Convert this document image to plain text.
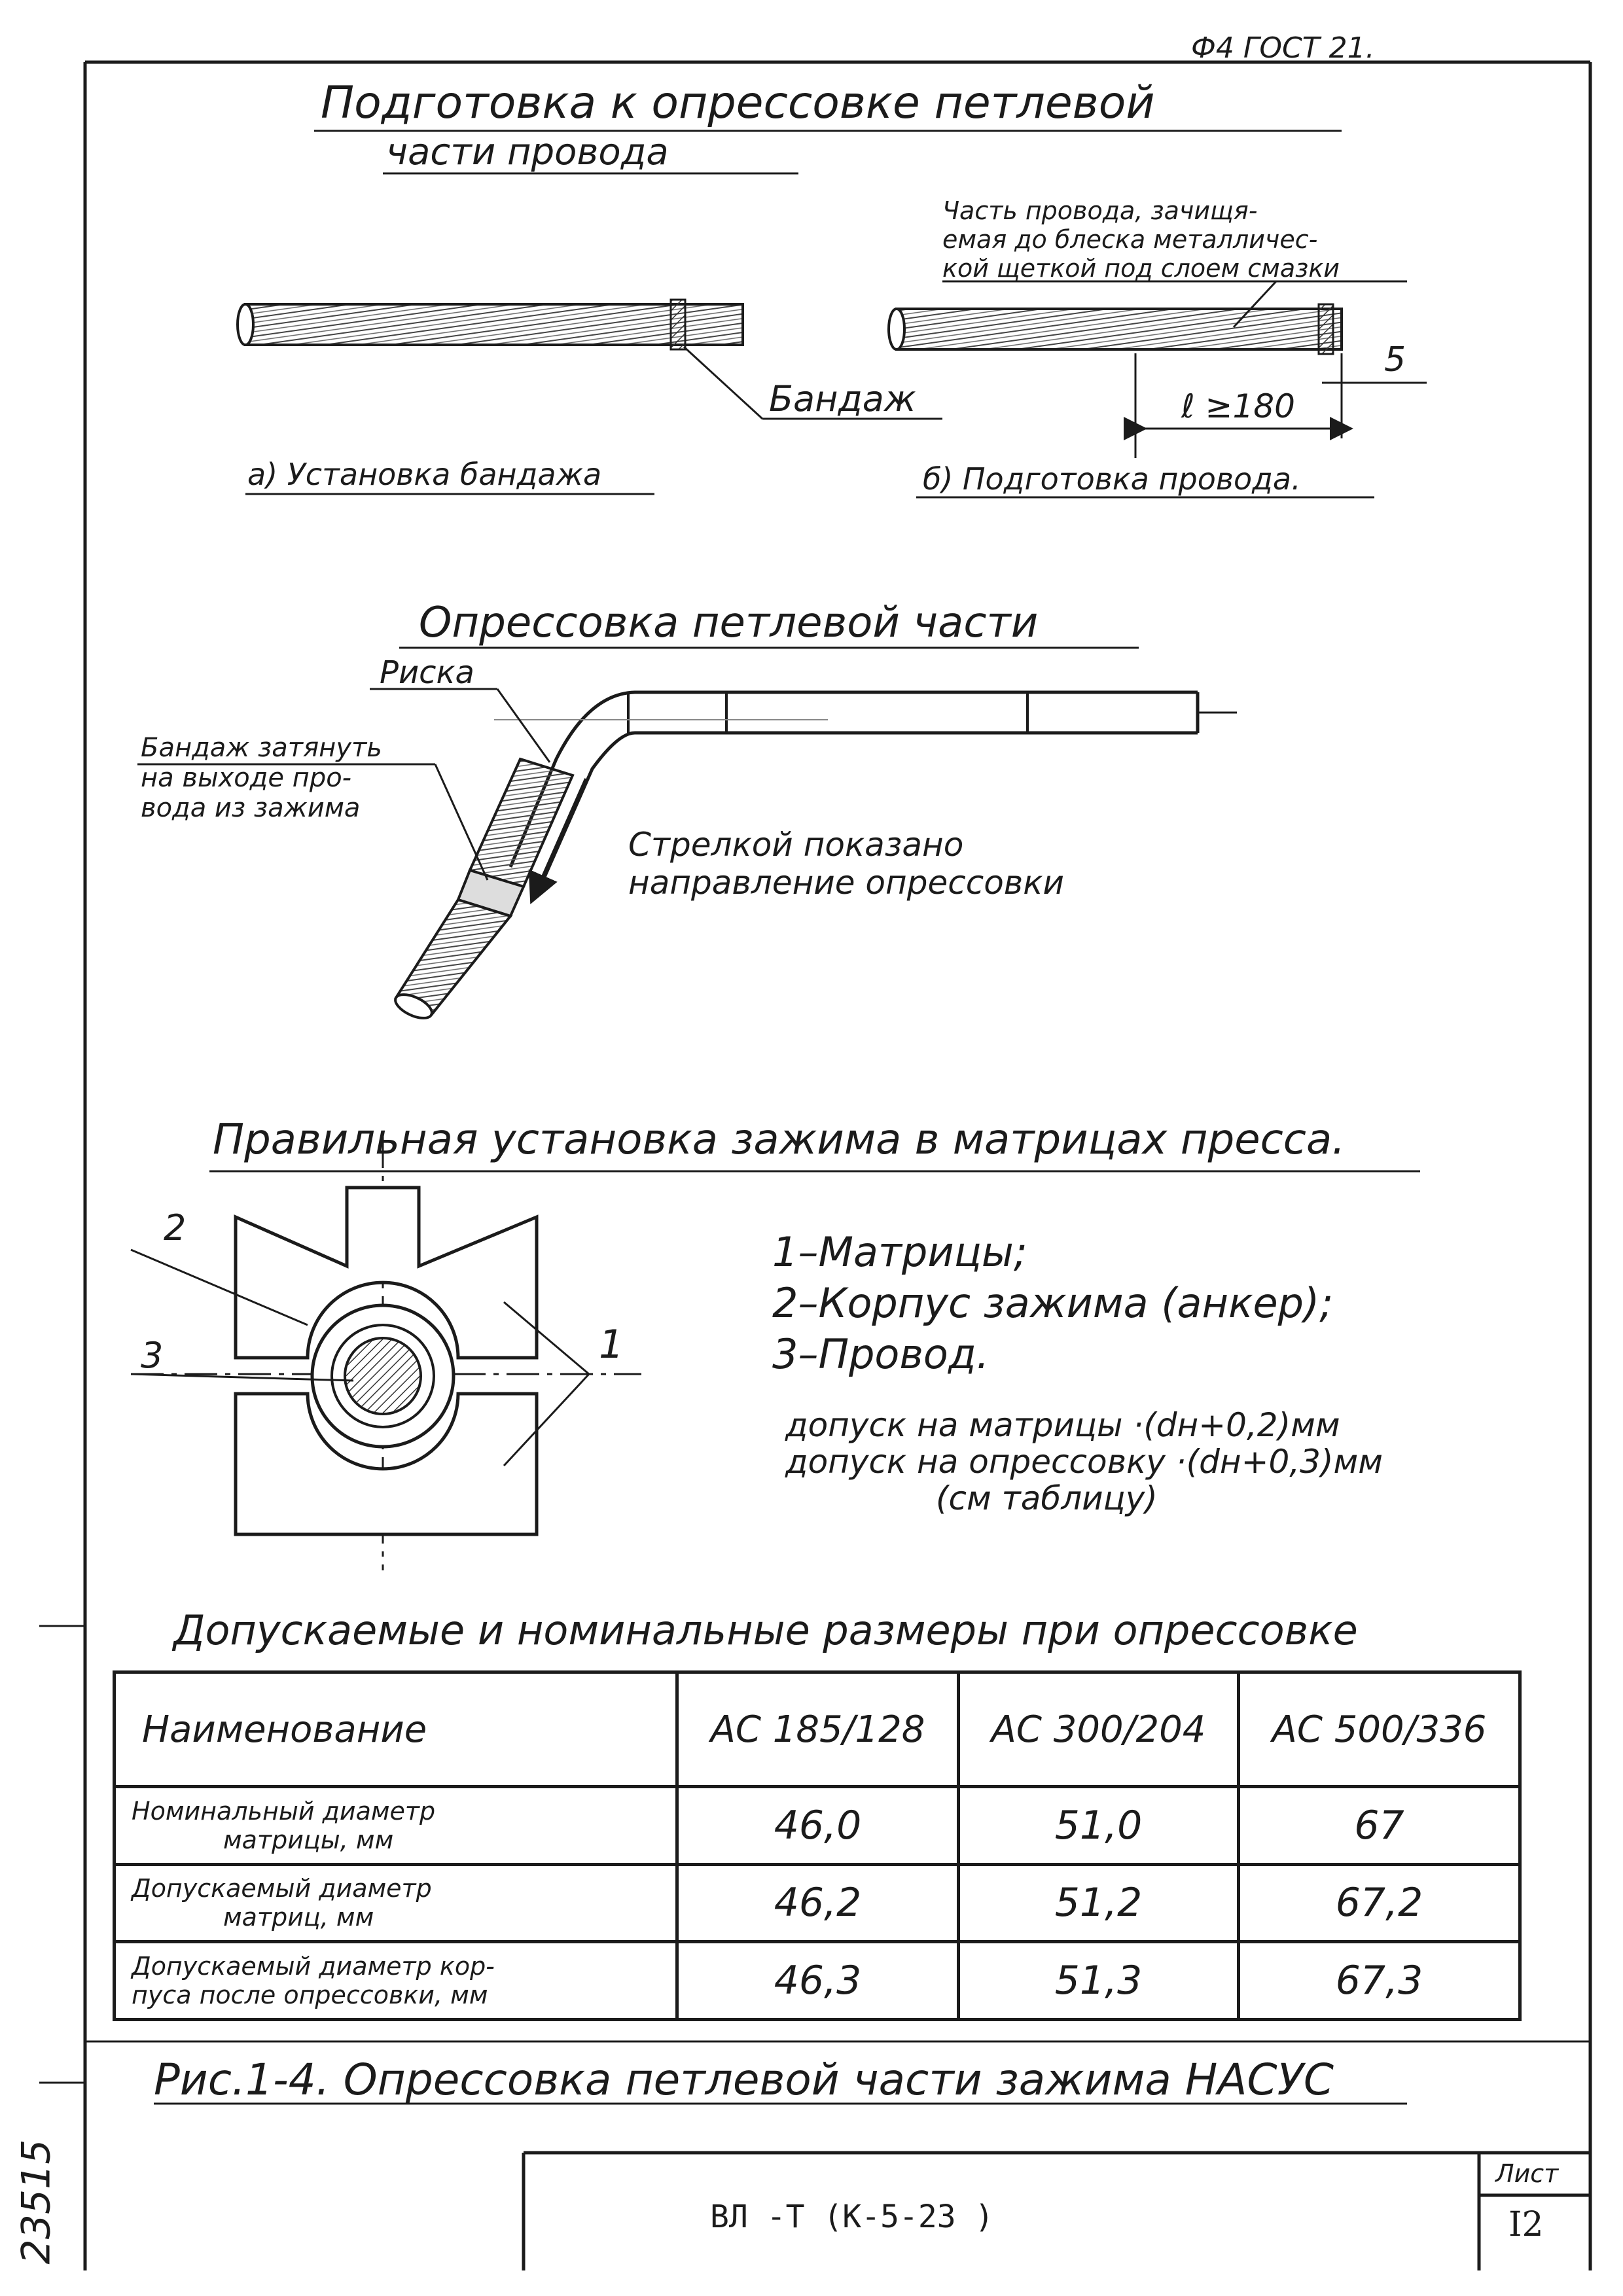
Ф4 ГОСТ 21.
Подготовка к опрессовке петлевой
части провода
Часть провода, зачищя-
емая до блеска металличес-
кой щеткой под слоем смазки
Бандаж	ℓ ≥180
5
а) Установка бандажа	б) Подготовка провода.
Опрессовка петлевой части
Риска
Бандаж затянуть
на выходе про-
вода из зажима
Стрелкой показано
направление опрессовки
Правильная установка зажима в матрицах пресса.
2
3	1
1–Матрицы;
2–Корпус зажима (анкер);
3–Провод.
допуск на матрицы ·(dн+0,2)мм
допуск на опрессовку ·(dн+0,3)мм
(см таблицу)
Допускаемые и номинальные размеры при опрессовке
Наименование	АС 185/128	АС 300/204	АС 500/336

Номинальный диаметр
матрицы, мм	46,0	51,0	67

Допускаемый диаметр
матриц, мм	46,2	51,2	67,2

Допускаемый диаметр кор-
пуса после опрессовки, мм	46,3	51,3	67,3
Рис.1-4. Опрессовка петлевой части зажима НАСУС
ВЛ -Т (К-5-23 )
Лист
I2
23515
